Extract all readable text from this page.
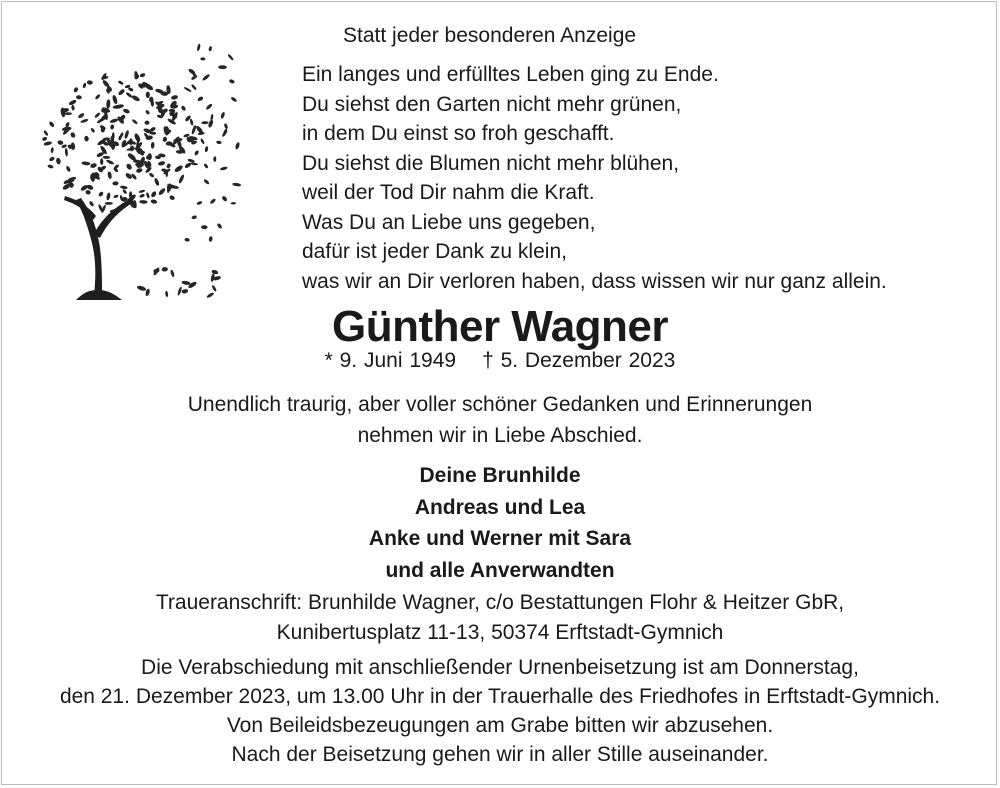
Statt jeder besonderen Anzeige
Ein langes und erfülltes Leben ging zu Ende.
Du siehst den Garten nicht mehr grünen,
in dem Du einst so froh geschafft.
Du siehst die Blumen nicht mehr blühen,
weil der Tod Dir nahm die Kraft.
Was Du an Liebe uns gegeben,
dafür ist jeder Dank zu klein,
was wir an Dir verloren haben, dass wissen wir nur ganz allein.
Günther Wagner
* 9. Juni 1949 † 5. Dezember 2023
Unendlich traurig, aber voller schöner Gedanken und Erinnerungen
nehmen wir in Liebe Abschied.
Deine Brunhilde
Andreas und Lea
Anke und Werner mit Sara
und alle Anverwandten
Traueranschrift: Brunhilde Wagner, c/o Bestattungen Flohr & Heitzer GbR,
Kunibertusplatz 11-13, 50374 Erftstadt-Gymnich
Die Verabschiedung mit anschließender Urnenbeisetzung ist am Donnerstag,
den 21. Dezember 2023, um 13.00 Uhr in der Trauerhalle des Friedhofes in Erftstadt-Gymnich.
Von Beileidsbezeugungen am Grabe bitten wir abzusehen.
Nach der Beisetzung gehen wir in aller Stille auseinander.
